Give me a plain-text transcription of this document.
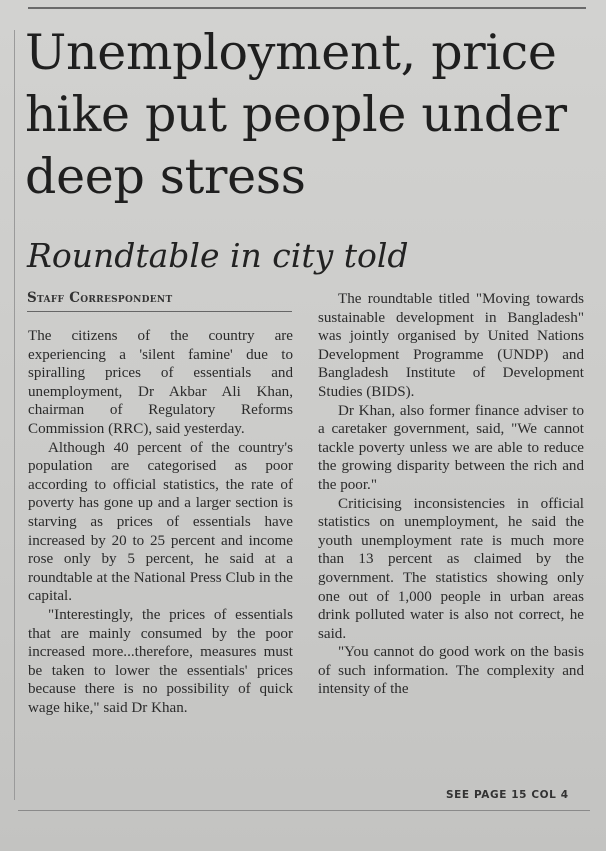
Unemployment, price hike put people under deep stress
Roundtable in city told
Staff Correspondent

The citizens of the country are experiencing a 'silent famine' due to spiralling prices of essentials and unemployment, Dr Akbar Ali Khan, chairman of Regulatory Reforms Commission (RRC), said yesterday.

Although 40 percent of the country's population are categorised as poor according to official statistics, the rate of poverty has gone up and a larger section is starving as prices of essentials have increased by 20 to 25 percent and income rose only by 5 percent, he said at a roundtable at the National Press Club in the capital.

"Interestingly, the prices of essentials that are mainly consumed by the poor increased more...therefore, measures must be taken to lower the essentials' prices because there is no possibility of quick wage hike," said Dr Khan.

The roundtable titled "Moving towards sustainable development in Bangladesh" was jointly organised by United Nations Development Programme (UNDP) and Bangladesh Institute of Development Studies (BIDS).

Dr Khan, also former finance adviser to a caretaker government, said, "We cannot tackle poverty unless we are able to reduce the growing disparity between the rich and the poor."

Criticising inconsistencies in official statistics on unemployment, he said the youth unemployment rate is much more than 13 percent as claimed by the government. The statistics showing only one out of 1,000 people in urban areas drink polluted water is also not correct, he said.

"You cannot do good work on the basis of such information. The complexity and intensity of the

SEE PAGE 15 COL 4
